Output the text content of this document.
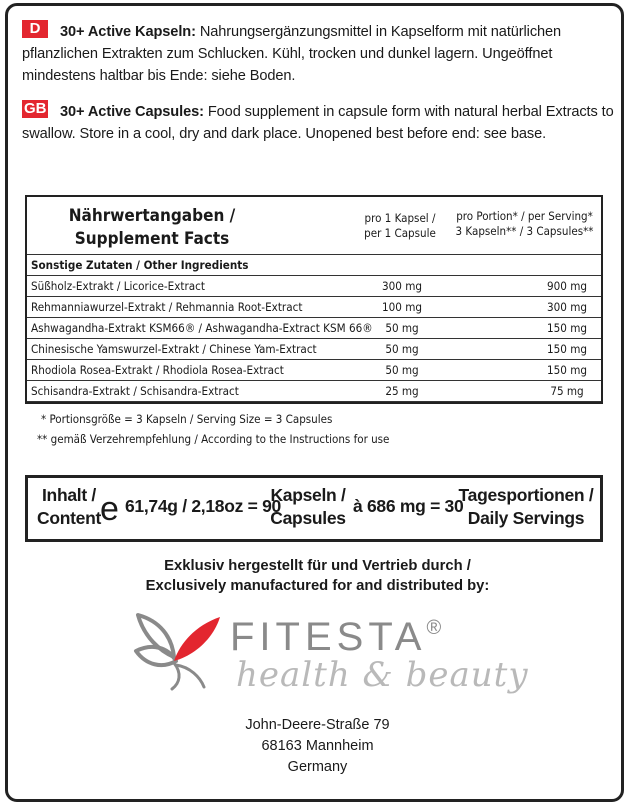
D	30+ Active Kapseln: Nahrungsergänzungsmittel in Kapselform mit natürlichen pflanzlichen Extrakten zum Schlucken. Kühl, trocken und dunkel lagern. Ungeöffnet mindestens haltbar bis Ende: siehe Boden.
GB 30+ Active Capsules: Food supplement in capsule form with natural herbal Extracts to swallow. Store in a cool, dry and dark place. Unopened best before end: see base.
Nährwertangaben /
Supplement Facts
pro 1 Kapsel /
per 1 Capsule
pro Portion* / per Serving*
3 Kapseln** / 3 Capsules**
Sonstige Zutaten / Other Ingredients
Süßholz-Extrakt / Licorice-Extract	300 mg	900 mg
Rehmanniawurzel-Extrakt / Rehmannia Root-Extract	100 mg	300 mg
Ashwagandha-Extrakt KSM66® / Ashwagandha-Extract KSM 66® 50 mg	150 mg
Chinesische Yamswurzel-Extrakt / Chinese Yam-Extract	50 mg	150 mg
Rhodiola Rosea-Extrakt / Rhodiola Rosea-Extract	50 mg	150 mg
Schisandra-Extrakt / Schisandra-Extract	25 mg	75 mg
* Portionsgröße = 3 Kapseln / Serving Size = 3 Capsules
** gemäß Verzehrempfehlung / According to the Instructions for use
Inhalt /
Content e 61,74g / 2,18oz = 90
Kapseln /
Capsules
à 686 mg = 30
Tagesportionen /
Daily Servings
Exklusiv hergestellt für und Vertrieb durch /
Exclusively manufactured for and distributed by:
FITESTA®
health & beauty
John-Deere-Straße 79
68163 Mannheim
Germany
